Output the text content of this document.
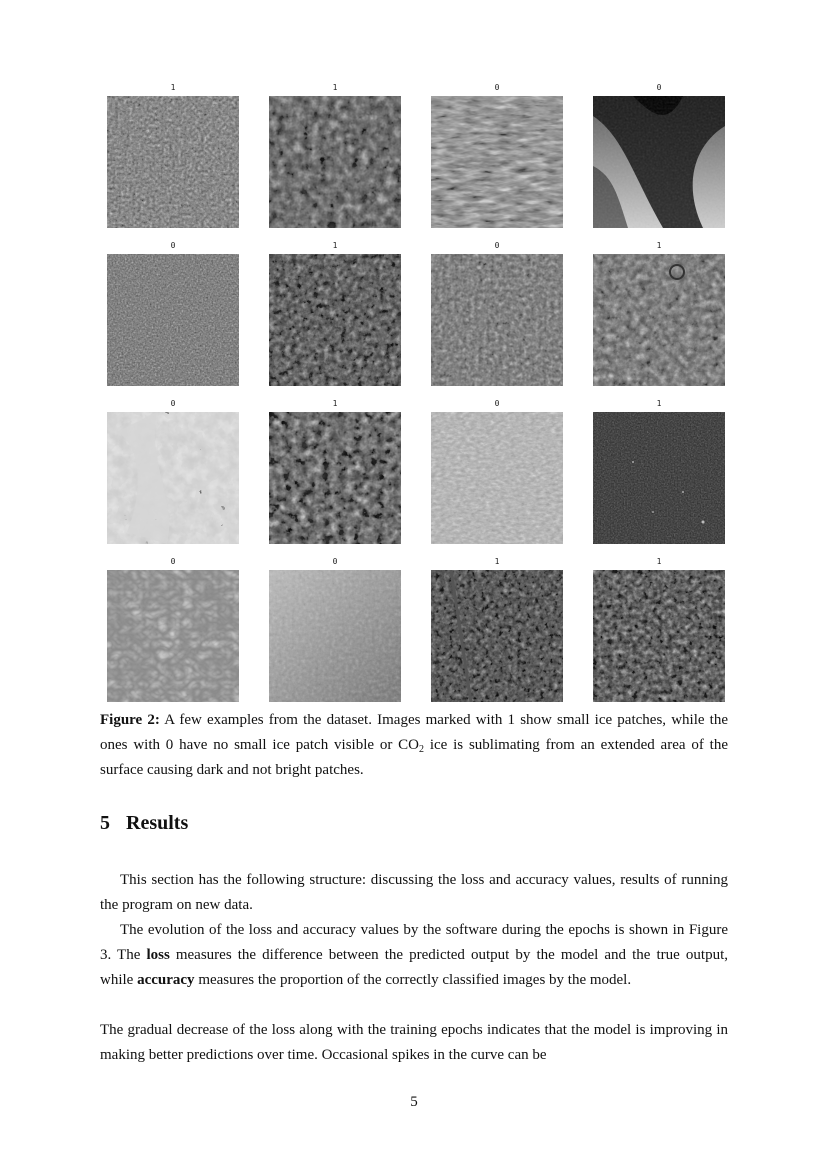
1	1	0	0
0	1	0	1
0	1	0	1
0	0	1	1
Figure 2: A few examples from the dataset. Images marked with 1 show small ice patches, while the ones with 0 have no small ice patch visible or $CO_2$ ice is sublimating from an extended area of the surface causing dark and not bright patches.
5 Results

This section has the following structure: discussing the loss and accuracy values, results of running the program on new data.

The evolution of the loss and accuracy values by the software during the epochs is shown in Figure 3. The loss measures the difference between the predicted output by the model and the true output, while accuracy measures the proportion of the correctly classified images by the model.

The gradual decrease of the loss along with the training epochs indicates that the model is improving in making better predictions over time. Occasional spikes in the curve can be

5
